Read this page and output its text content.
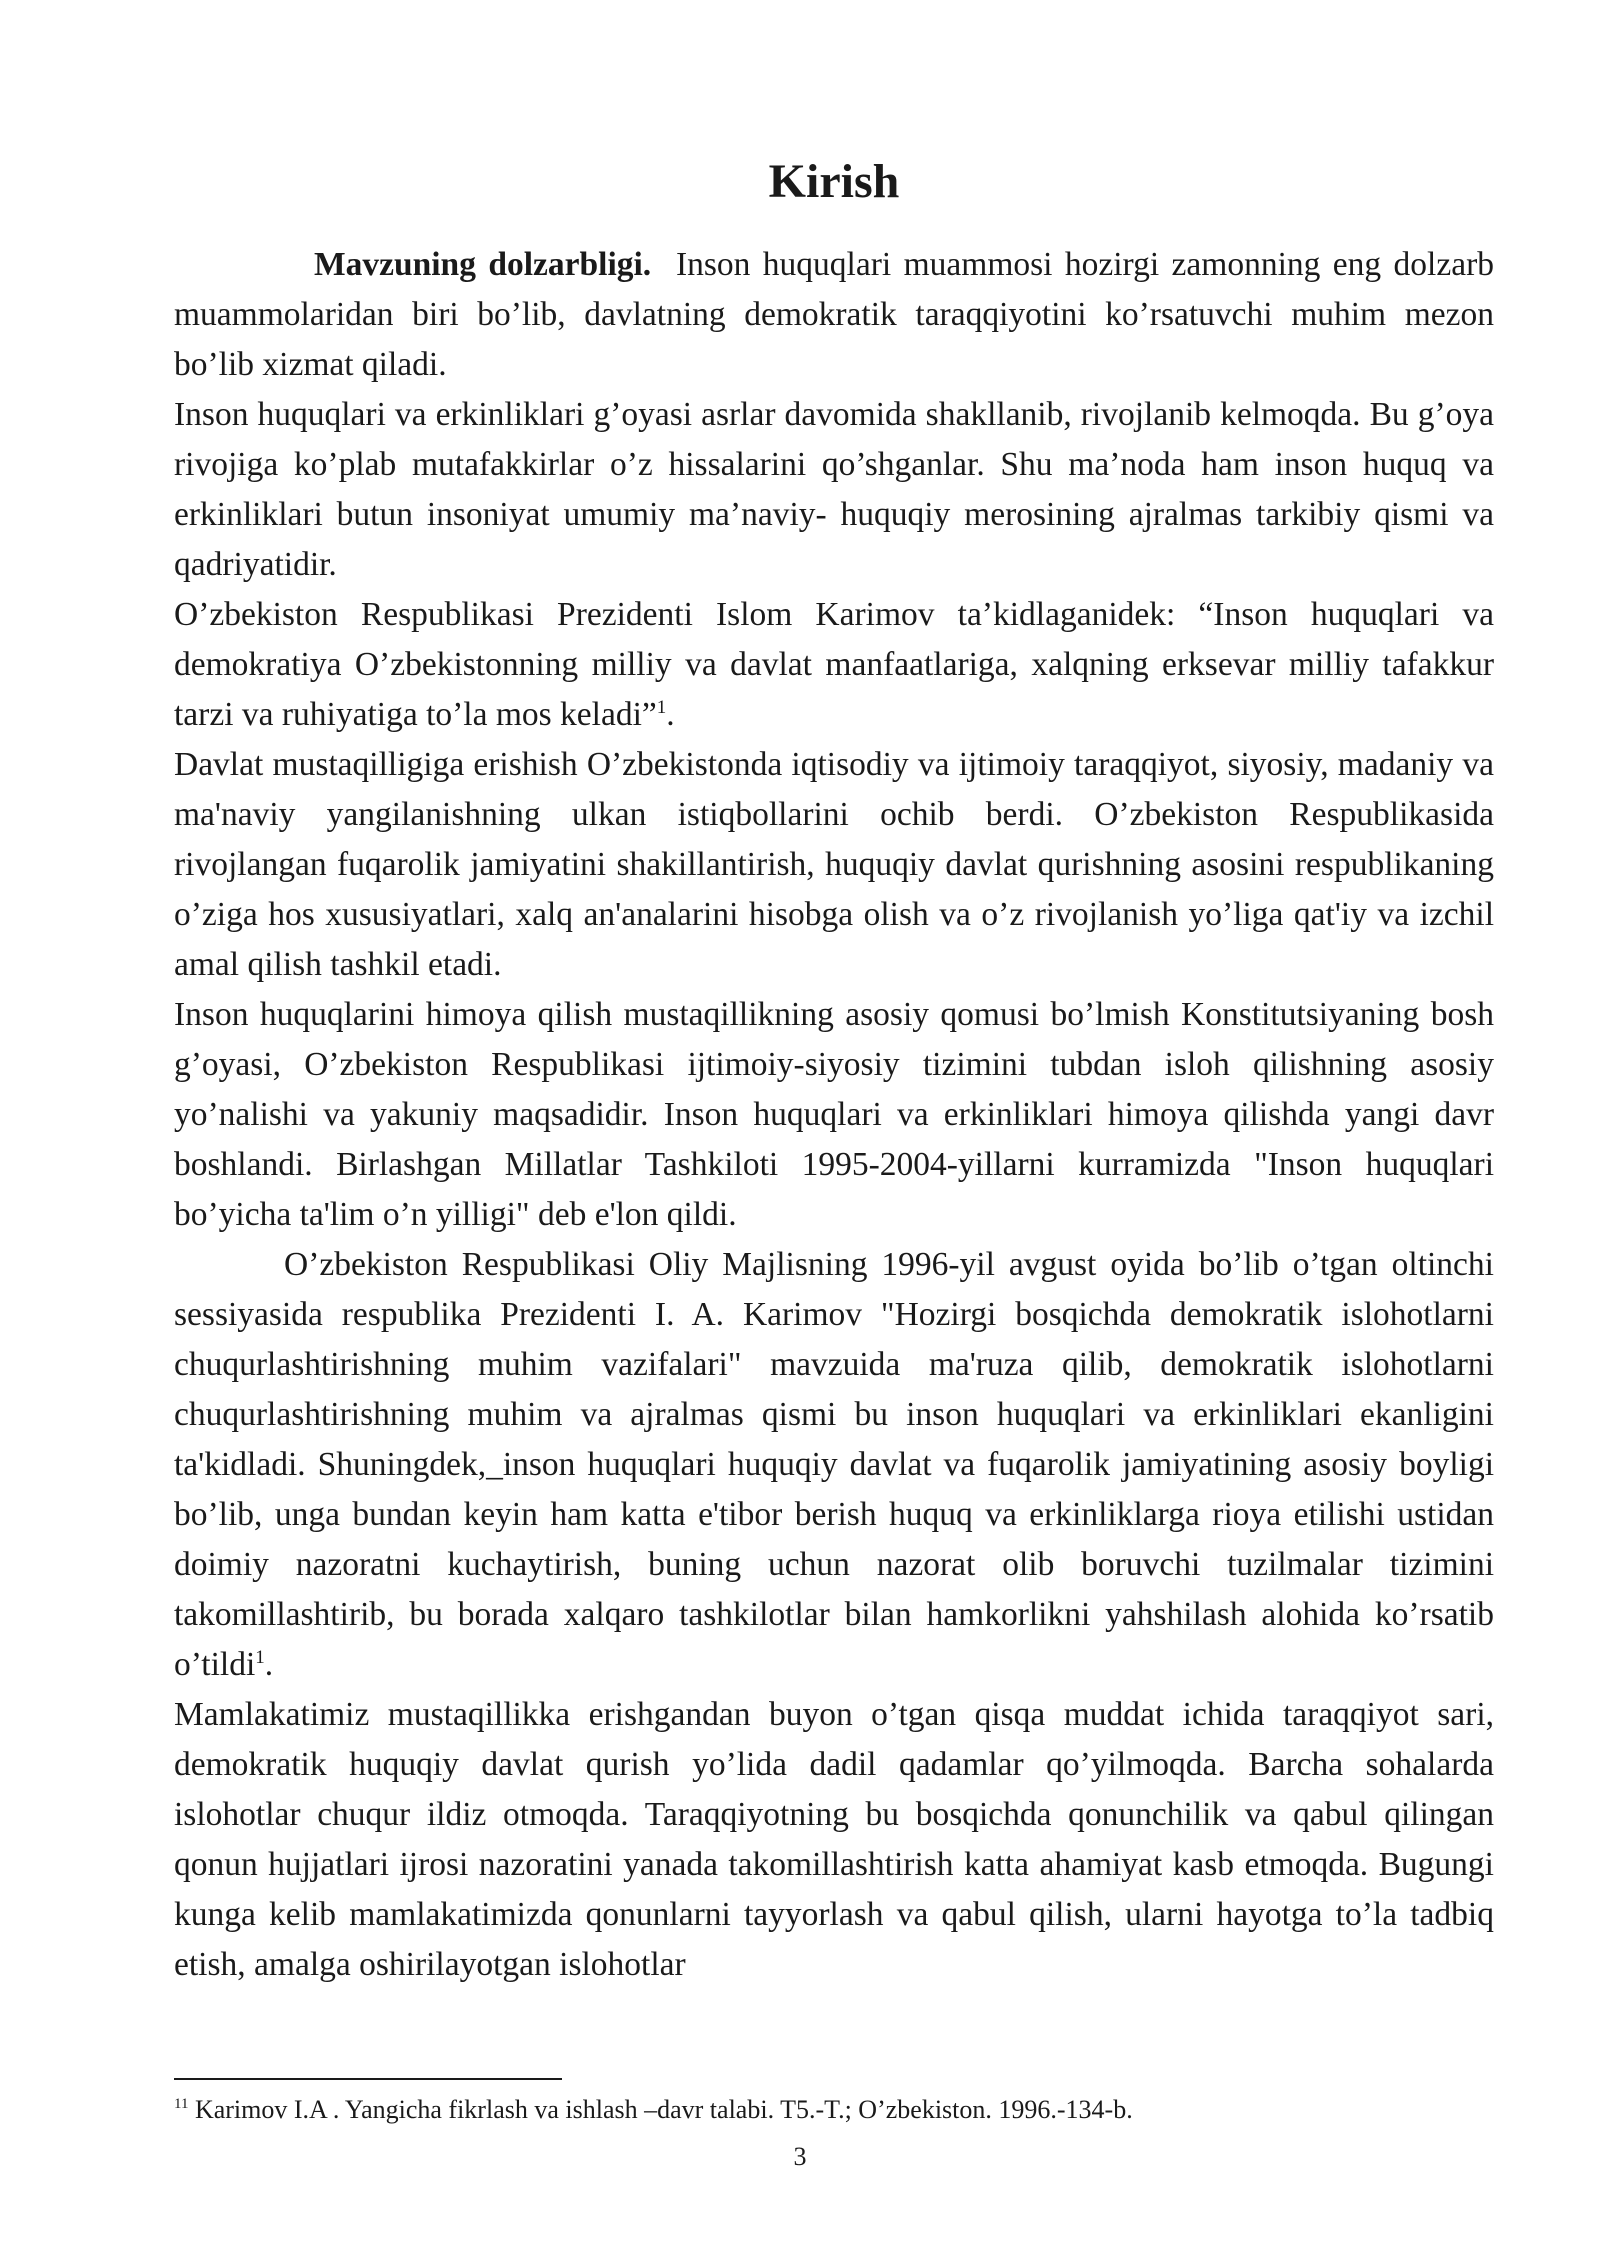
Kirish

Mavzuning dolzarbligi. Inson huquqlari muammosi hozirgi zamonning eng dolzarb muammolaridan biri bo’lib, davlatning demokratik taraqqiyotini ko’rsatuvchi muhim mezon bo’lib xizmat qiladi.

Inson huquqlari va erkinliklari g’oyasi asrlar davomida shakllanib, rivojlanib kelmoqda. Bu g’oya rivojiga ko’plab mutafakkirlar o’z hissalarini qo’shganlar. Shu ma’noda ham inson huquq va erkinliklari butun insoniyat umumiy ma’naviy- huquqiy merosining ajralmas tarkibiy qismi va qadriyatidir.

O’zbekiston Respublikasi Prezidenti Islom Karimov ta’kidlaganidek: “Inson huquqlari va demokratiya O’zbekistonning milliy va davlat manfaatlariga, xalqning erksevar milliy tafakkur tarzi va ruhiyatiga to’la mos keladi”$^1$.

Davlat mustaqilligiga erishish O’zbekistonda iqtisodiy va ijtimoiy taraqqiyot, siyosiy, madaniy va ma'naviy yangilanishning ulkan istiqbollarini ochib berdi. O’zbekiston Respublikasida rivojlangan fuqarolik jamiyatini shakillantirish, huquqiy davlat qurishning asosini respublikaning o’ziga hos xususiyatlari, xalq an'analarini hisobga olish va o’z rivojlanish yo’liga qat'iy va izchil amal qilish tashkil etadi.

Inson huquqlarini himoya qilish mustaqillikning asosiy qomusi bo’lmish Konstitutsiyaning bosh g’oyasi, O’zbekiston Respublikasi ijtimoiy-siyosiy tizimini tubdan isloh qilishning asosiy yo’nalishi va yakuniy maqsadidir. Inson huquqlari va erkinliklari himoya qilishda yangi davr boshlandi. Birlashgan Millatlar Tashkiloti 1995-2004-yillarni kurramizda "Inson huquqlari bo’yicha ta'lim o’n yilligi" deb e'lon qildi.

O’zbekiston Respublikasi Oliy Majlisning 1996-yil avgust oyida bo’lib o’tgan oltinchi sessiyasida respublika Prezidenti I. A. Karimov "Hozirgi bosqichda demokratik islohotlarni chuqurlashtirishning muhim vazifalari" mavzuida ma'ruza qilib, demokratik islohotlarni chuqurlashtirishning muhim va ajralmas qismi bu inson huquqlari va erkinliklari ekanligini ta'kidladi. Shuningdek,_inson huquqlari huquqiy davlat va fuqarolik jamiyatining asosiy boyligi bo’lib, unga bundan keyin ham katta e'tibor berish huquq va erkinliklarga rioya etilishi ustidan doimiy nazoratni kuchaytirish, buning uchun nazorat olib boruvchi tuzilmalar tizimini takomillashtirib, bu borada xalqaro tashkilotlar bilan hamkorlikni yahshilash alohida ko’rsatib o’tildi$^1$.

Mamlakatimiz mustaqillikka erishgandan buyon o’tgan qisqa muddat ichida taraqqiyot sari, demokratik huquqiy davlat qurish yo’lida dadil qadamlar qo’yilmoqda. Barcha sohalarda islohotlar chuqur ildiz otmoqda. Taraqqiyotning bu bosqichda qonunchilik va qabul qilingan qonun hujjatlari ijrosi nazoratini yanada takomillashtirish katta ahamiyat kasb etmoqda. Bugungi kunga kelib mamlakatimizda qonunlarni tayyorlash va qabul qilish, ularni hayotga to’la tadbiq etish, amalga oshirilayotgan islohotlar

$^{11}$ Karimov I.A . Yangicha fikrlash va ishlash –davr talabi. T5.-T.; O’zbekiston. 1996.-134-b.
3
